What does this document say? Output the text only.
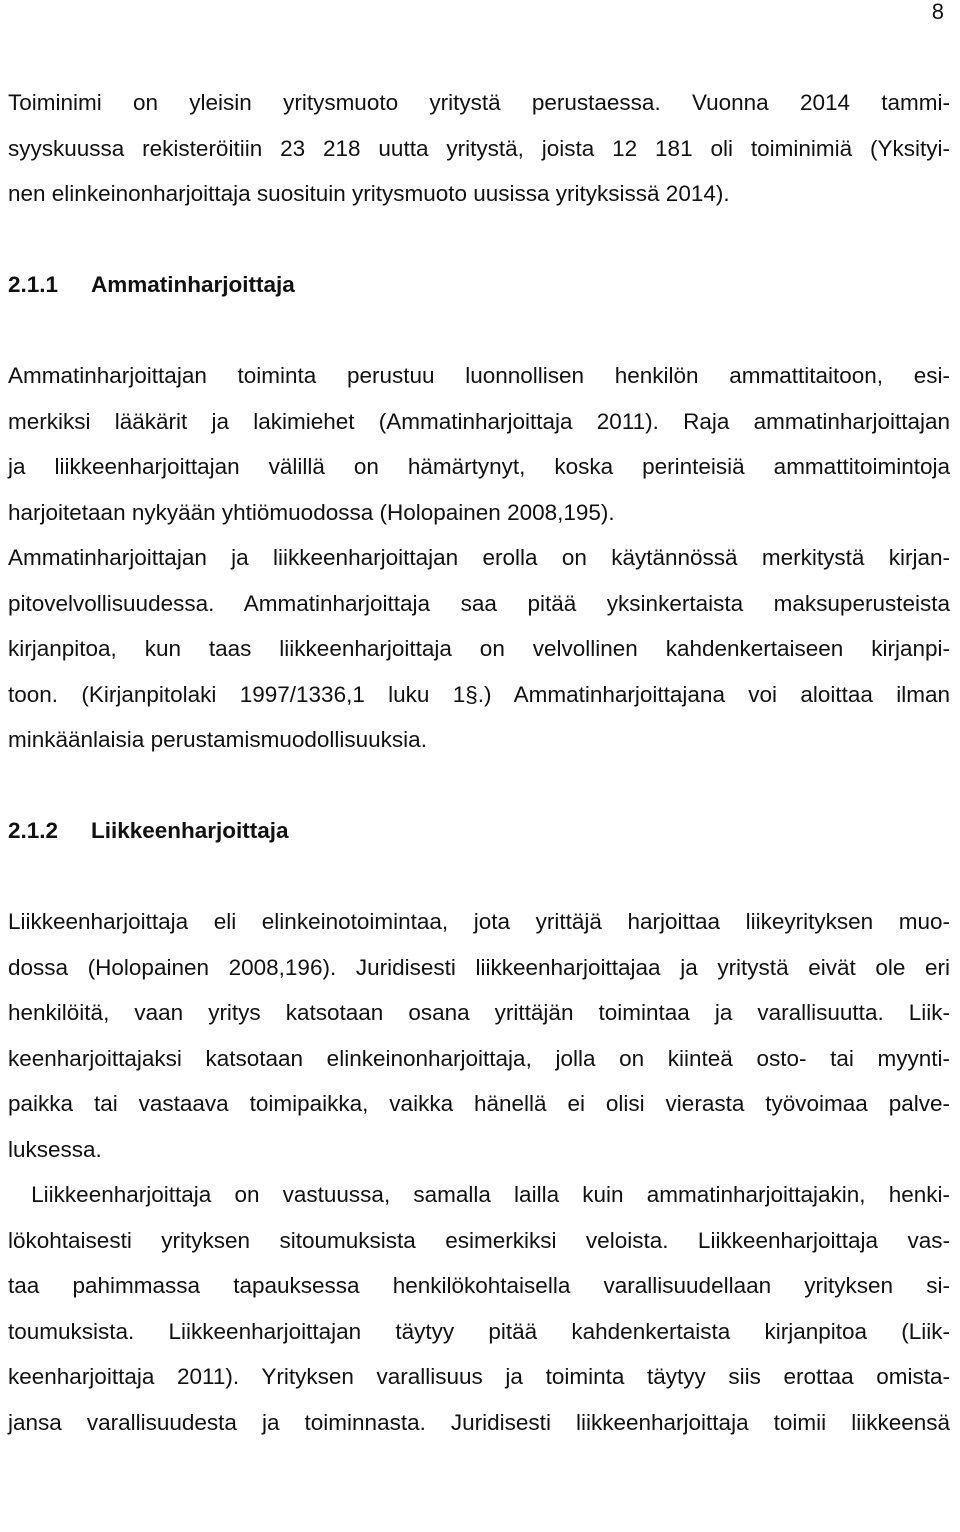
8
Toiminimi on yleisin yritysmuoto yritystä perustaessa. Vuonna 2014 tammi-
syyskuussa rekisteröitiin 23 218 uutta yritystä, joista 12 181 oli toiminimiä (Yksityi-
nen elinkeinonharjoittaja suosituin yritysmuoto uusissa yrityksissä 2014).
2.1.1 Ammatinharjoittaja
Ammatinharjoittajan toiminta perustuu luonnollisen henkilön ammattitaitoon, esi-
merkiksi lääkärit ja lakimiehet (Ammatinharjoittaja 2011). Raja ammatinharjoittajan
ja liikkeenharjoittajan välillä on hämärtynyt, koska perinteisiä ammattitoimintoja
harjoitetaan nykyään yhtiömuodossa (Holopainen 2008,195).
Ammatinharjoittajan ja liikkeenharjoittajan erolla on käytännössä merkitystä kirjan-
pitovelvollisuudessa. Ammatinharjoittaja saa pitää yksinkertaista maksuperusteista
kirjanpitoa, kun taas liikkeenharjoittaja on velvollinen kahdenkertaiseen kirjanpi-
toon. (Kirjanpitolaki 1997/1336,1 luku 1§.) Ammatinharjoittajana voi aloittaa ilman
minkäänlaisia perustamismuodollisuuksia.
2.1.2 Liikkeenharjoittaja
Liikkeenharjoittaja eli elinkeinotoimintaa, jota yrittäjä harjoittaa liikeyrityksen muo-
dossa (Holopainen 2008,196). Juridisesti liikkeenharjoittajaa ja yritystä eivät ole eri
henkilöitä, vaan yritys katsotaan osana yrittäjän toimintaa ja varallisuutta. Liik-
keenharjoittajaksi katsotaan elinkeinonharjoittaja, jolla on kiinteä osto- tai myynti-
paikka tai vastaava toimipaikka, vaikka hänellä ei olisi vierasta työvoimaa palve-
luksessa.
Liikkeenharjoittaja on vastuussa, samalla lailla kuin ammatinharjoittajakin, henki-
lökohtaisesti yrityksen sitoumuksista esimerkiksi veloista. Liikkeenharjoittaja vas-
taa pahimmassa tapauksessa henkilökohtaisella varallisuudellaan yrityksen si-
toumuksista. Liikkeenharjoittajan täytyy pitää kahdenkertaista kirjanpitoa (Liik-
keenharjoittaja 2011). Yrityksen varallisuus ja toiminta täytyy siis erottaa omista-
jansa varallisuudesta ja toiminnasta. Juridisesti liikkeenharjoittaja toimii liikkeensä
